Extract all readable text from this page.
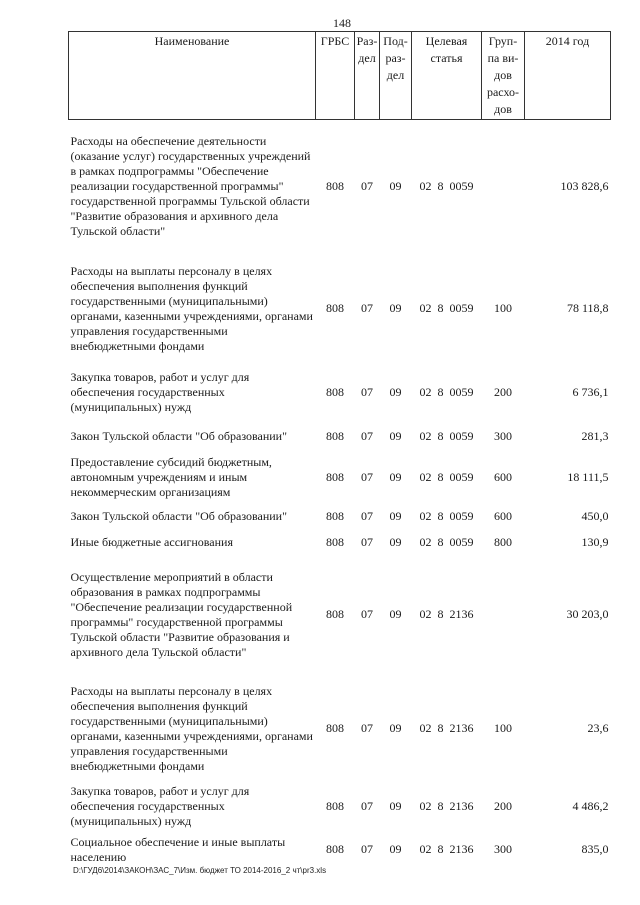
148
Наименование	ГРБС	Раз-дел	Под-раз-дел	Целевая статья	Груп-па ви-дов расхо-дов	2014 год
Расходы на обеспечение деятельности (оказание услуг) государственных учреждений в рамках подпрограммы "Обеспечение реализации государственной программы" государственной программы Тульской области "Развитие образования и архивного дела Тульской области"	808	07	09	02  8  0059		103 828,6
Расходы на выплаты персоналу в целях обеспечения выполнения функций государственными (муниципальными) органами, казенными учреждениями, органами управления государственными внебюджетными фондами	808	07	09	02  8  0059	100	78 118,8
Закупка товаров, работ и услуг для обеспечения государственных (муниципальных) нужд	808	07	09	02  8  0059	200	6 736,1
Закон Тульской области "Об образовании"	808	07	09	02  8  0059	300	281,3
Предоставление субсидий бюджетным, автономным учреждениям и иным некоммерческим организациям	808	07	09	02  8  0059	600	18 111,5
Закон Тульской области "Об образовании"	808	07	09	02  8  0059	600	450,0
Иные бюджетные ассигнования	808	07	09	02  8  0059	800	130,9
Осуществление мероприятий в области образования в рамках подпрограммы "Обеспечение реализации государственной программы" государственной программы Тульской области "Развитие образования и архивного дела Тульской области"	808	07	09	02  8  2136		30 203,0
Расходы на выплаты персоналу в целях обеспечения выполнения функций государственными (муниципальными) органами, казенными учреждениями, органами управления государственными внебюджетными фондами	808	07	09	02  8  2136	100	23,6
Закупка товаров, работ и услуг для обеспечения государственных (муниципальных) нужд	808	07	09	02  8  2136	200	4 486,2
Социальное обеспечение и иные выплаты населению	808	07	09	02  8  2136	300	835,0
D:\ГУД6\2014\ЗАКОН\ЗАС_7\Изм. бюджет ТО 2014-2016_2 чт\pr3.xls
